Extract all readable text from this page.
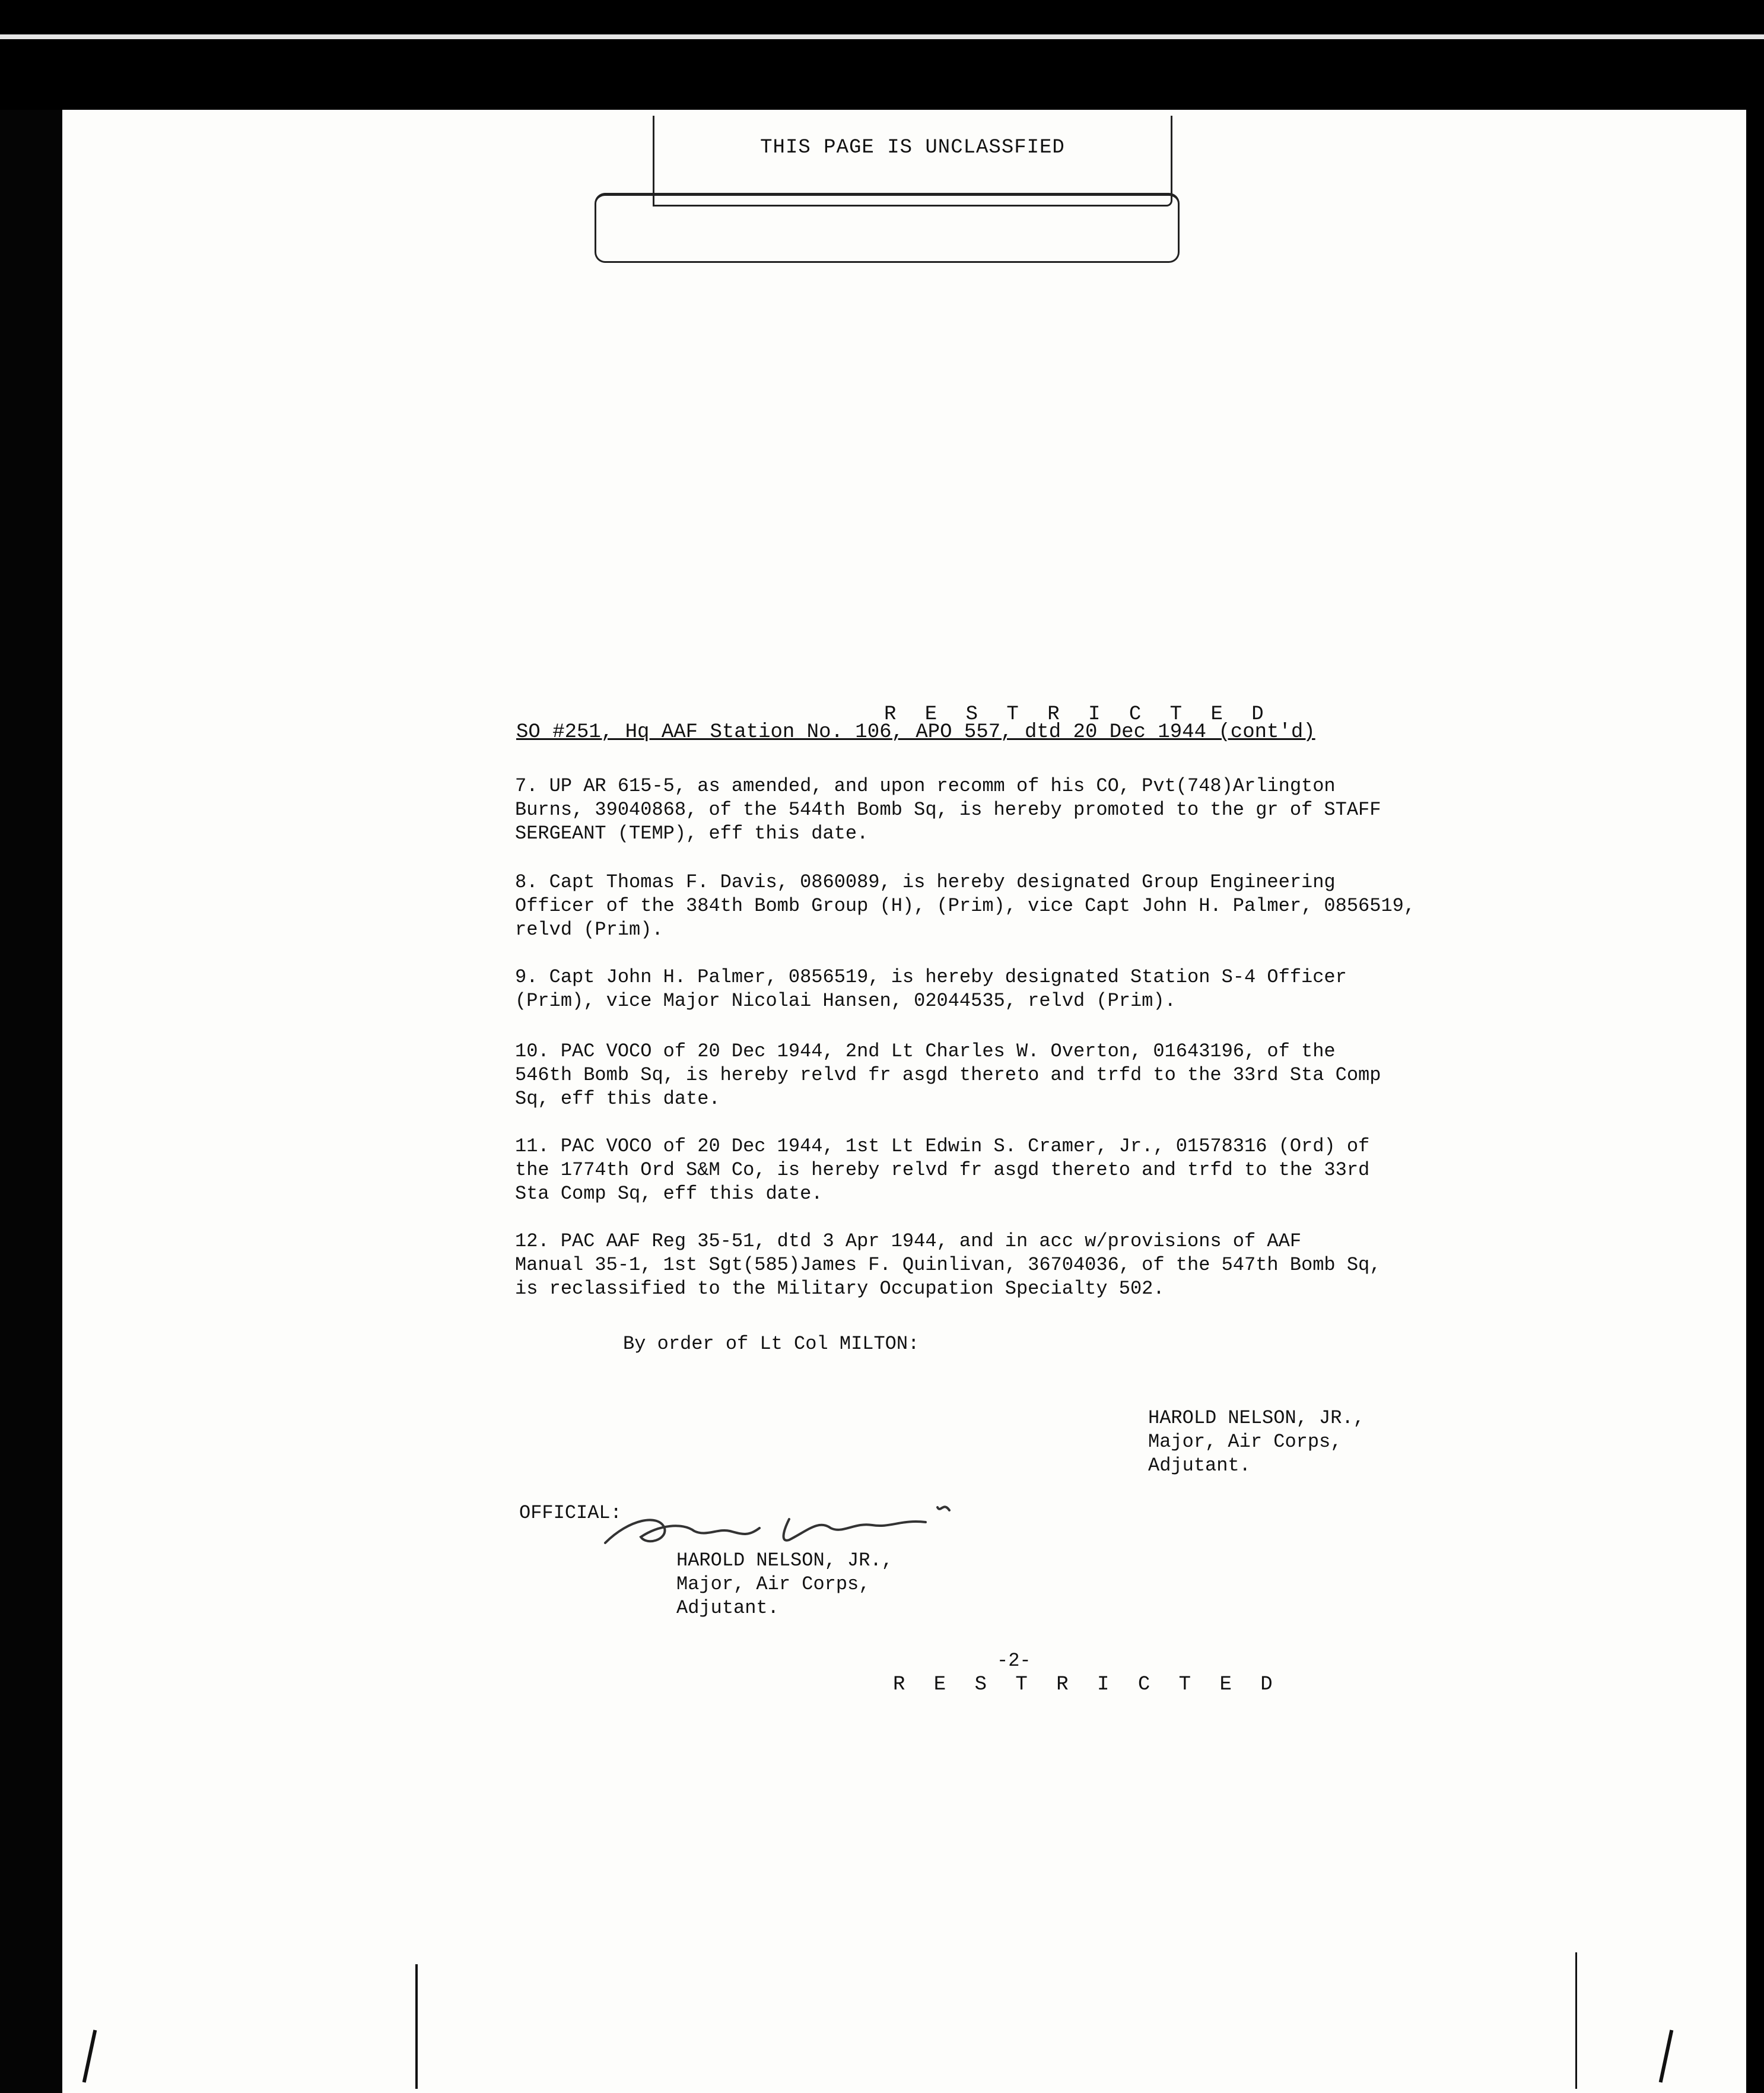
THIS PAGE IS UNCLASSFIED
R E S T R I C T E D
SO #251, Hq AAF Station No. 106, APO 557, dtd 20 Dec 1944 (cont'd)
7. UP AR 615-5, as amended, and upon recomm of his CO, Pvt(748)Arlington
Burns, 39040868, of the 544th Bomb Sq, is hereby promoted to the gr of STAFF
SERGEANT (TEMP), eff this date.
8. Capt Thomas F. Davis, 0860089, is hereby designated Group Engineering
Officer of the 384th Bomb Group (H), (Prim), vice Capt John H. Palmer, 0856519,
relvd (Prim).
9. Capt John H. Palmer, 0856519, is hereby designated Station S-4 Officer
(Prim), vice Major Nicolai Hansen, 02044535, relvd (Prim).
10. PAC VOCO of 20 Dec 1944, 2nd Lt Charles W. Overton, 01643196, of the
546th Bomb Sq, is hereby relvd fr asgd thereto and trfd to the 33rd Sta Comp
Sq, eff this date.
11. PAC VOCO of 20 Dec 1944, 1st Lt Edwin S. Cramer, Jr., 01578316 (Ord) of
the 1774th Ord S&M Co, is hereby relvd fr asgd thereto and trfd to the 33rd
Sta Comp Sq, eff this date.
12. PAC AAF Reg 35-51, dtd 3 Apr 1944, and in acc w/provisions of AAF
Manual 35-1, 1st Sgt(585)James F. Quinlivan, 36704036, of the 547th Bomb Sq,
is reclassified to the Military Occupation Specialty 502.
By order of Lt Col MILTON:
HAROLD NELSON, JR.,
Major, Air Corps,
Adjutant.
OFFICIAL:
HAROLD NELSON, JR.,
Major, Air Corps,
Adjutant.
-2-
R E S T R I C T E D
